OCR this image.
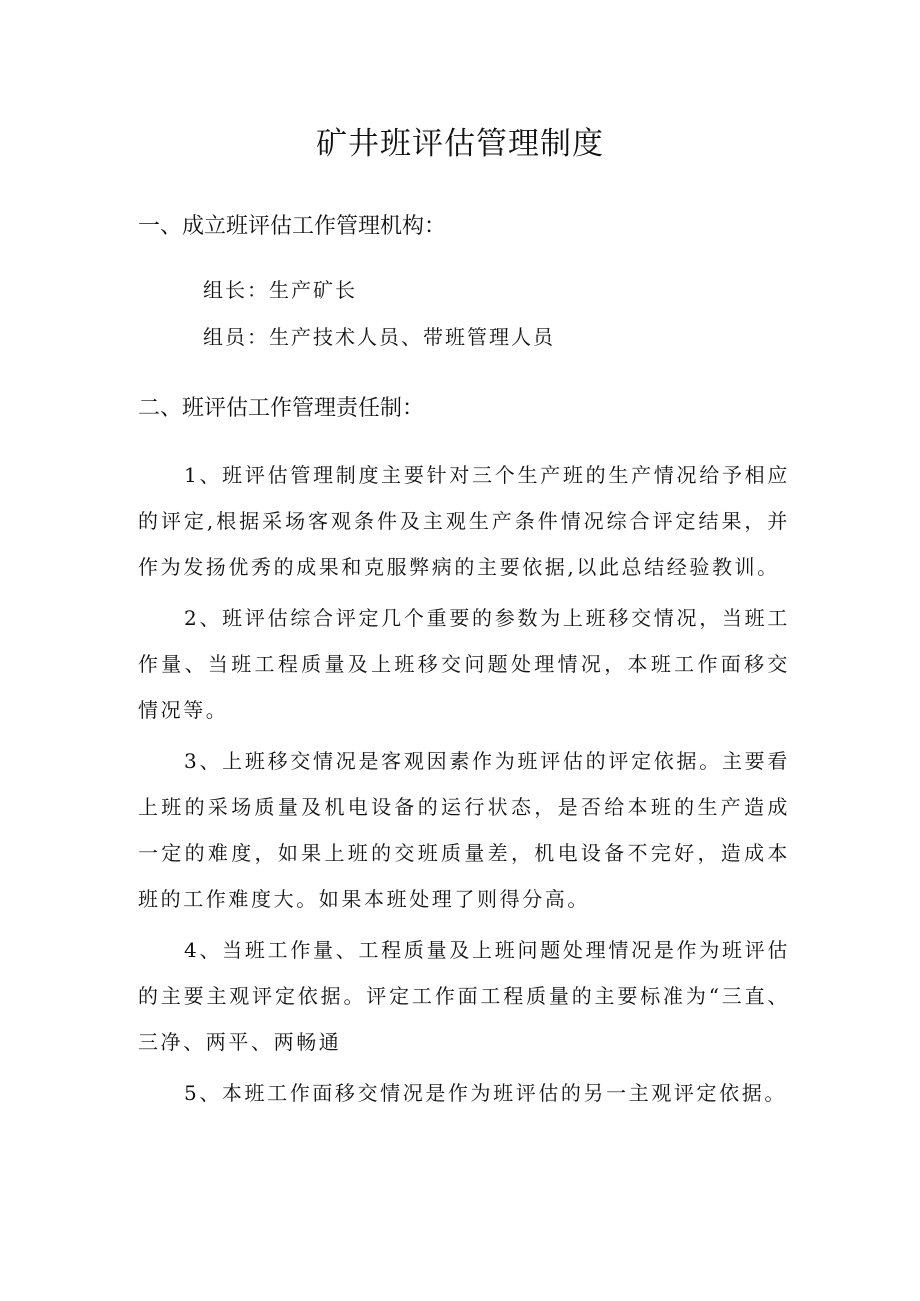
矿井班评估管理制度
一、成立班评估工作管理机构：
组长：生产矿长
组员：生产技术人员、带班管理人员
二、班评估工作管理责任制：

1、班评估管理制度主要针对三个生产班的生产情况给予相应的评定,根据采场客观条件及主观生产条件情况综合评定结果，并作为发扬优秀的成果和克服弊病的主要依据,以此总结经验教训。

2、班评估综合评定几个重要的参数为上班移交情况，当班工作量、当班工程质量及上班移交问题处理情况，本班工作面移交情况等。

3、上班移交情况是客观因素作为班评估的评定依据。主要看上班的采场质量及机电设备的运行状态，是否给本班的生产造成一定的难度，如果上班的交班质量差，机电设备不完好，造成本班的工作难度大。如果本班处理了则得分高。

4、当班工作量、工程质量及上班问题处理情况是作为班评估的主要主观评定依据。评定工作面工程质量的主要标准为“三直、三净、两平、两畅通

5、本班工作面移交情况是作为班评估的另一主观评定依据。
